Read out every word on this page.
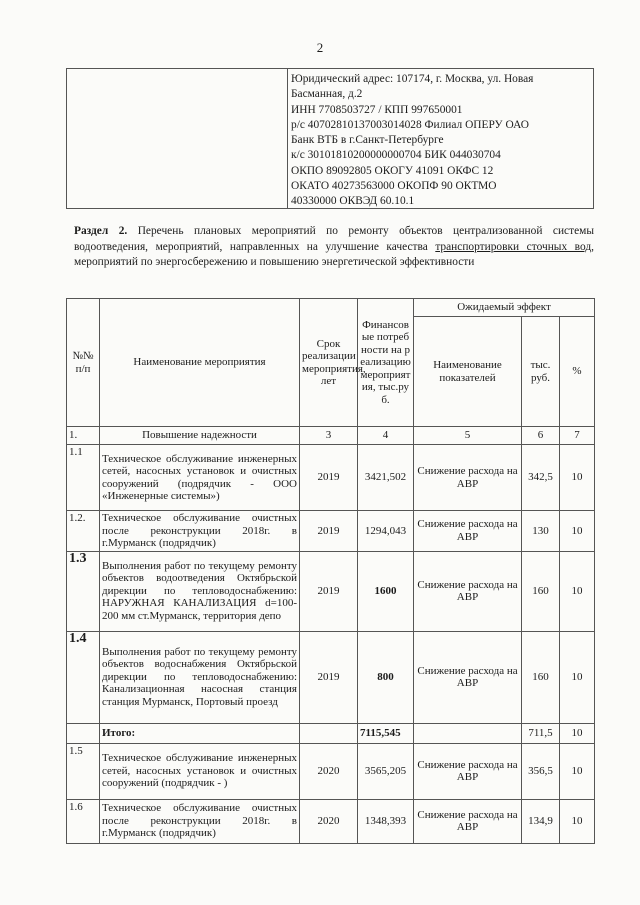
2
Юридический адрес: 107174, г. Москва, ул. Новая
Басманная, д.2
ИНН 7708503727 / КПП 997650001
р/с 40702810137003014028 Филиал ОПЕРУ ОАО
Банк ВТБ в г.Санкт-Петербурге
к/с 30101810200000000704 БИК 044030704
ОКПО 89092805 ОКОГУ 41091 ОКФС 12
ОКАТО 40273563000 ОКОПФ 90 ОКТМО
40330000 ОКВЭД 60.10.1
Раздел 2. Перечень плановых мероприятий по ремонту объектов централизованной системы водоотведения, мероприятий, направленных на улучшение качества транспортировки сточных вод, мероприятий по энергосбережению и повышению энергетической эффективности
№№ п/п	Наименование мероприятия	Срок реализации мероприятия, лет	Финансовые потребности на реализацию мероприятия, тыс.руб.	Ожидаемый эффект		
				Наименование показателей	тыс. руб.	%
1.	Повышение надежности	3	4	5	6	7
1.1	Техническое обслуживание инженерных сетей, насосных установок и очистных сооружений (подрядчик - ООО «Инженерные системы»)	2019	3421,502	Снижение расхода на АВР	342,5	10
1.2.	Техническое обслуживание очистных после реконструкции 2018г. в г.Мурманск (подрядчик)	2019	1294,043	Снижение расхода на АВР	130	10
1.3	Выполнения работ по текущему ремонту объектов водоотведения Октябрьской дирекции по тепловодоснабжению: НАРУЖНАЯ КАНАЛИЗАЦИЯ d=100-200 мм ст.Мурманск, территория депо	2019	1600	Снижение расхода на АВР	160	10
1.4	Выполнения работ по текущему ремонту объектов водоснабжения Октябрьской дирекции по тепловодоснабжению: Канализационная насосная станция станция Мурманск, Портовый проезд	2019	800	Снижение расхода на АВР	160	10
	Итого:		7115,545		711,5	10
1.5	Техническое обслуживание инженерных сетей, насосных установок и очистных сооружений (подрядчик - )	2020	3565,205	Снижение расхода на АВР	356,5	10
1.6	Техническое обслуживание очистных после реконструкции 2018г. в г.Мурманск (подрядчик)	2020	1348,393	Снижение расхода на АВР	134,9	10
